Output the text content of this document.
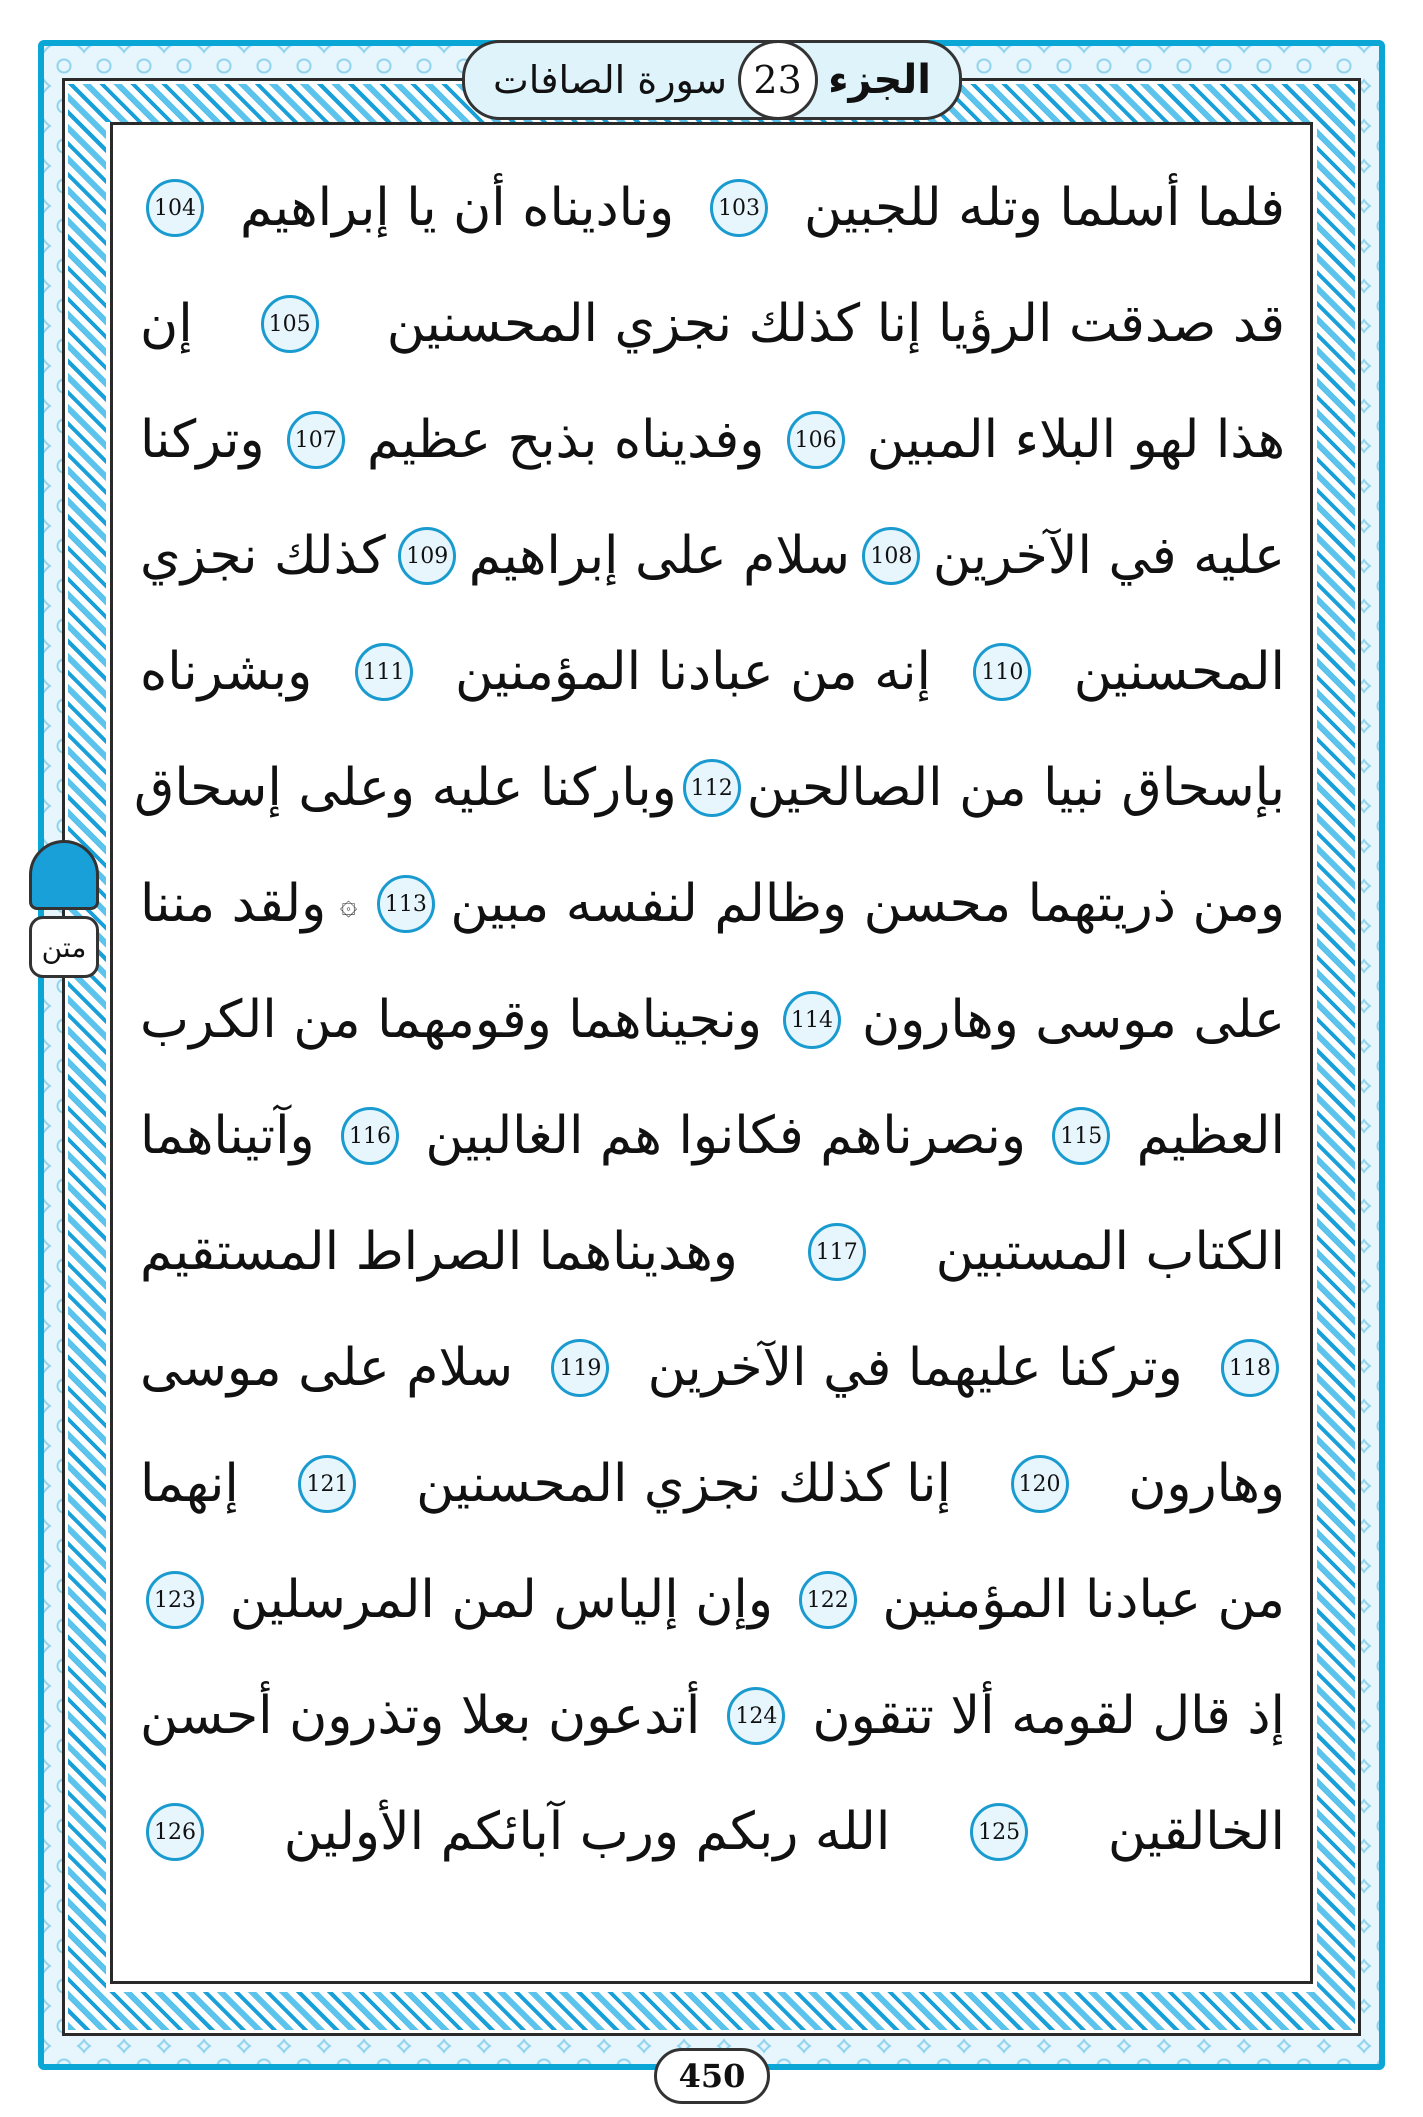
الجزء
23
سورة الصافات
متن
فلما أسلما وتله للجبين
103
وناديناه أن يا إبراهيم
104
قد صدقت الرؤيا إنا كذلك نجزي المحسنين
105
إن
هذا لهو البلاء المبين
106
وفديناه بذبح عظيم
107
وتركنا
عليه في الآخرين
108
سلام على إبراهيم
109
كذلك نجزي
المحسنين
110
إنه من عبادنا المؤمنين
111
وبشرناه
بإسحاق نبيا من الصالحين
112
وباركنا عليه وعلى إسحاق
ومن ذريتهما محسن وظالم لنفسه مبين
113
۞
ولقد مننا
على موسى وهارون
114
ونجيناهما وقومهما من الكرب
العظيم
115
ونصرناهم فكانوا هم الغالبين
116
وآتيناهما
الكتاب المستبين
117
وهديناهما الصراط المستقيم
118
وتركنا عليهما في الآخرين
119
سلام على موسى
وهارون
120
إنا كذلك نجزي المحسنين
121
إنهما
من عبادنا المؤمنين
122
وإن إلياس لمن المرسلين
123
إذ قال لقومه ألا تتقون
124
أتدعون بعلا وتذرون أحسن
الخالقين
125
الله ربكم ورب آبائكم الأولين
126
450
